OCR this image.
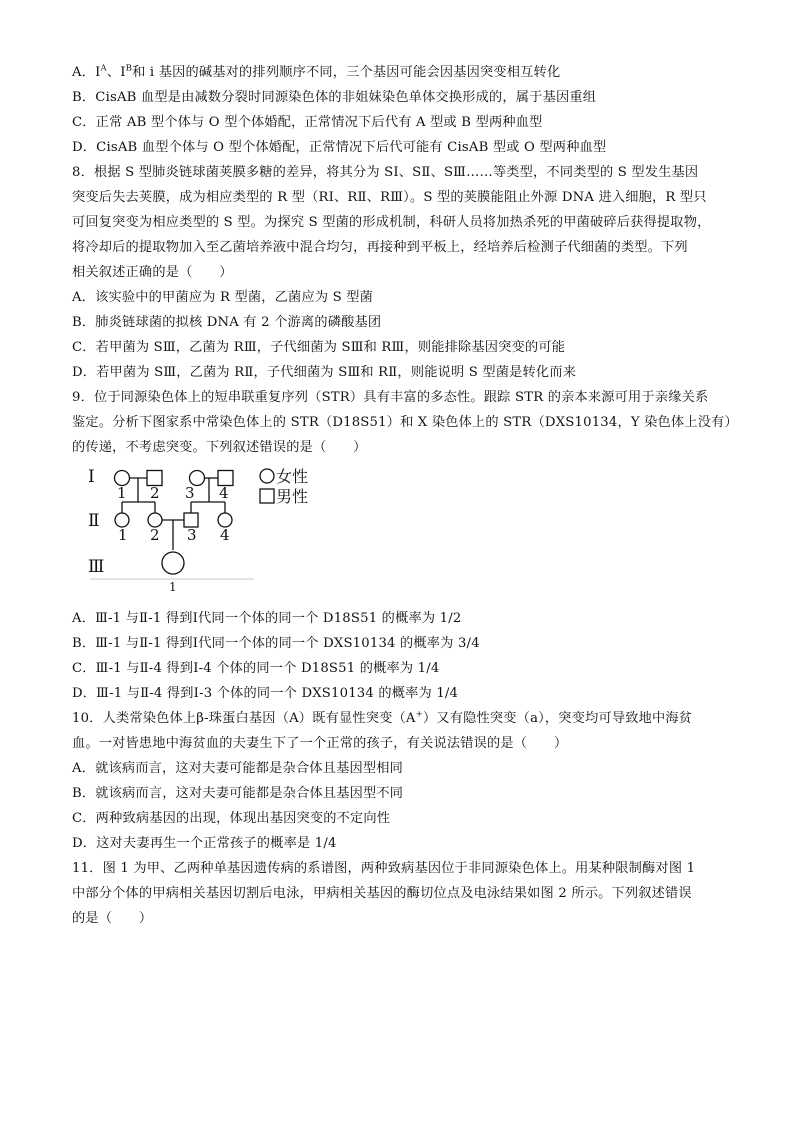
A．$I^A$、$I^B$和 i 基因的碱基对的排列顺序不同，三个基因可能会因基因突变相互转化
B．CisAB 血型是由减数分裂时同源染色体的非姐妹染色单体交换形成的，属于基因重组
C．正常 AB 型个体与 O 型个体婚配，正常情况下后代有 A 型或 B 型两种血型
D．CisAB 血型个体与 O 型个体婚配，正常情况下后代可能有 CisAB 型或 O 型两种血型
8．根据 S 型肺炎链球菌荚膜多糖的差异，将其分为 SⅠ、SⅡ、SⅢ……等类型，不同类型的 S 型发生基因
突变后失去荚膜，成为相应类型的 R 型（RⅠ、RⅡ、RⅢ）。S 型的荚膜能阻止外源 DNA 进入细胞，R 型只
可回复突变为相应类型的 S 型。为探究 S 型菌的形成机制，科研人员将加热杀死的甲菌破碎后获得提取物，
将冷却后的提取物加入至乙菌培养液中混合均匀，再接种到平板上，经培养后检测子代细菌的类型。下列
相关叙述正确的是（　　）
A．该实验中的甲菌应为 R 型菌，乙菌应为 S 型菌
B．肺炎链球菌的拟核 DNA 有 2 个游离的磷酸基团
C．若甲菌为 SⅢ，乙菌为 RⅢ，子代细菌为 SⅢ和 RⅢ，则能排除基因突变的可能
D．若甲菌为 SⅢ，乙菌为 RⅡ，子代细菌为 SⅢ和 RⅡ，则能说明 S 型菌是转化而来
9．位于同源染色体上的短串联重复序列（STR）具有丰富的多态性。跟踪 STR 的亲本来源可用于亲缘关系
鉴定。分析下图家系中常染色体上的 STR（D18S51）和 X 染色体上的 STR（DXS10134，Y 染色体上没有）
的传递，不考虑突变。下列叙述错误的是（　　）
Ⅰ
Ⅱ
Ⅲ
1 2 3 4
1 2 3 4
1
女性
男性
A．Ⅲ-1 与Ⅱ-1 得到Ⅰ代同一个体的同一个 D18S51 的概率为 1/2
B．Ⅲ-1 与Ⅱ-1 得到Ⅰ代同一个体的同一个 DXS10134 的概率为 3/4
C．Ⅲ-1 与Ⅱ-4 得到Ⅰ-4 个体的同一个 D18S51 的概率为 1/4
D．Ⅲ-1 与Ⅱ-4 得到Ⅰ-3 个体的同一个 DXS10134 的概率为 1/4
10．人类常染色体上β-珠蛋白基因（A）既有显性突变（A+）又有隐性突变（a），突变均可导致地中海贫
血。一对皆患地中海贫血的夫妻生下了一个正常的孩子，有关说法错误的是（　　）
A．就该病而言，这对夫妻可能都是杂合体且基因型相同
B．就该病而言，这对夫妻可能都是杂合体且基因型不同
C．两种致病基因的出现，体现出基因突变的不定向性
D．这对夫妻再生一个正常孩子的概率是 1/4
11．图 1 为甲、乙两种单基因遗传病的系谱图，两种致病基因位于非同源染色体上。用某种限制酶对图 1
中部分个体的甲病相关基因切割后电泳，甲病相关基因的酶切位点及电泳结果如图 2 所示。下列叙述错误
的是（　　）
